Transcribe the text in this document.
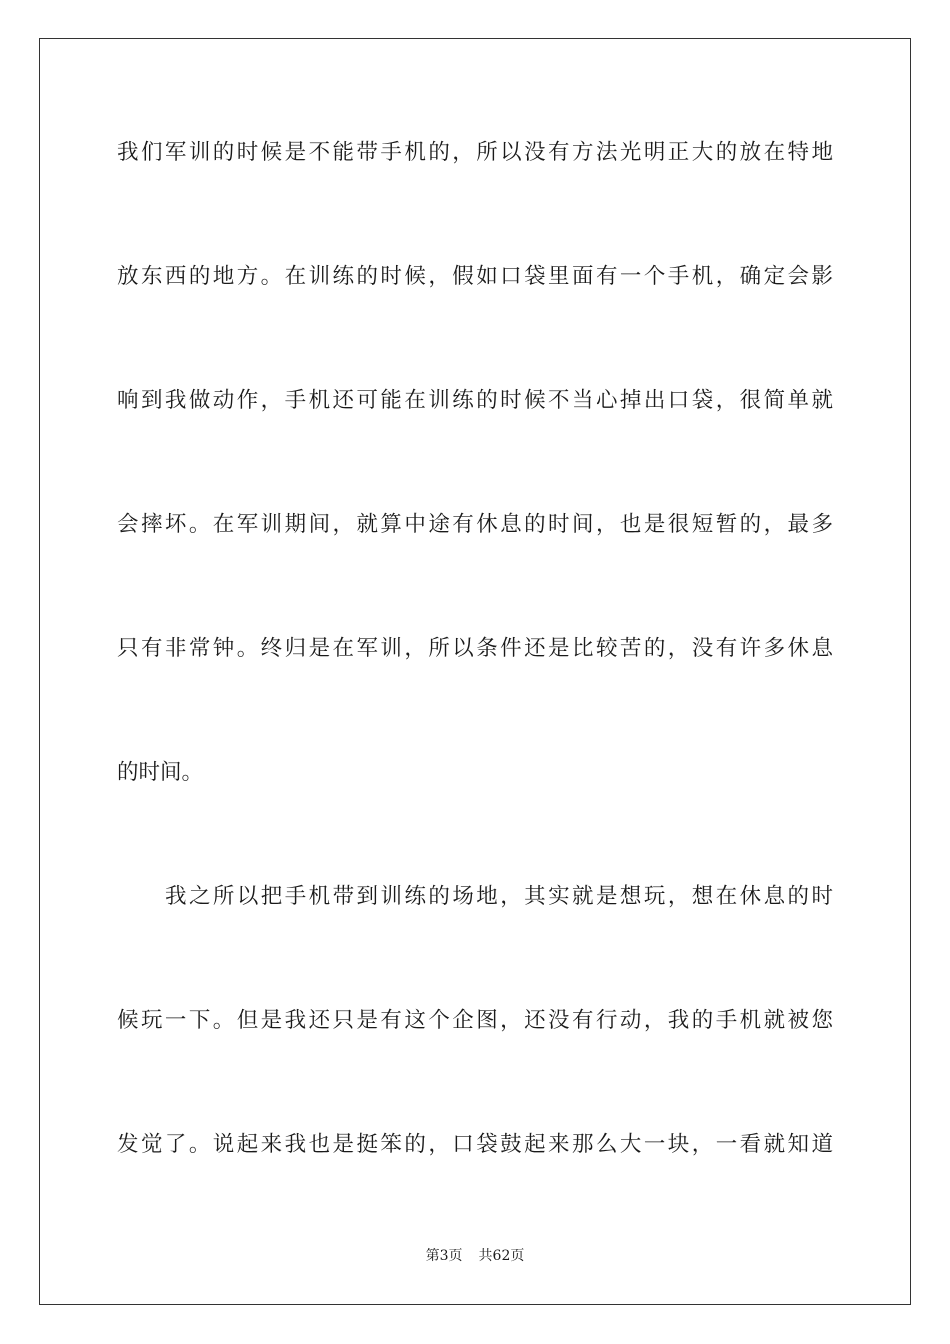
我们军训的时候是不能带手机的，所以没有方法光明正大的放在特地
放东西的地方。在训练的时候，假如口袋里面有一个手机，确定会影
响到我做动作，手机还可能在训练的时候不当心掉出口袋，很简单就
会摔坏。在军训期间，就算中途有休息的时间，也是很短暂的，最多
只有非常钟。终归是在军训，所以条件还是比较苦的，没有许多休息
的时间。
我之所以把手机带到训练的场地，其实就是想玩，想在休息的时
候玩一下。但是我还只是有这个企图，还没有行动，我的手机就被您
发觉了。说起来我也是挺笨的，口袋鼓起来那么大一块，一看就知道
第3页 共62页
